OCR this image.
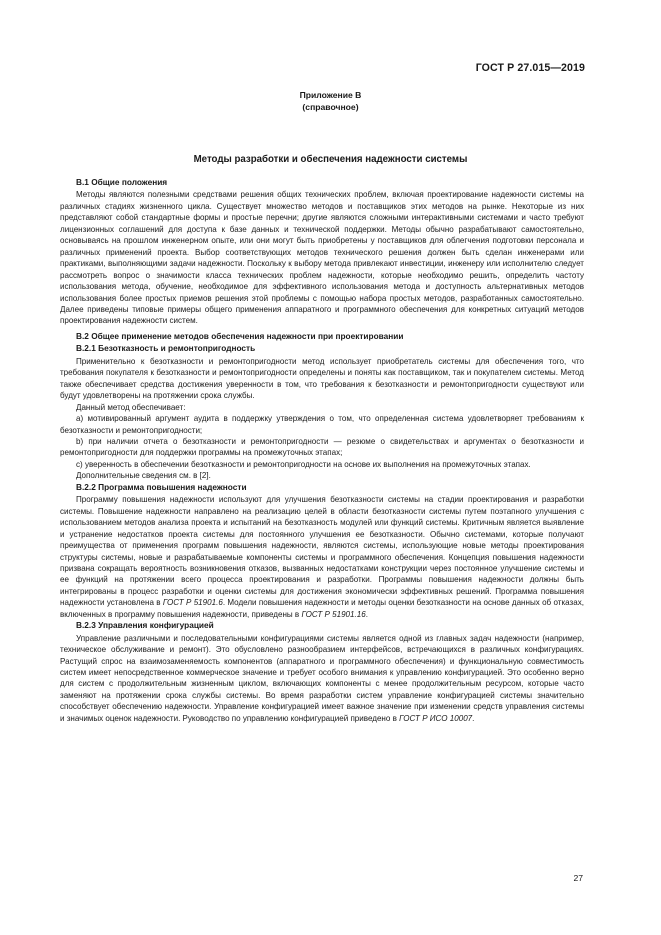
ГОСТ Р 27.015—2019
Приложение В
(справочное)
Методы разработки и обеспечения надежности системы
В.1 Общие положения

Методы являются полезными средствами решения общих технических проблем, включая проектирование надежности системы на различных стадиях жизненного цикла. Существует множество методов и поставщиков этих методов на рынке. Некоторые из них представляют собой стандартные формы и простые перечни; другие являются сложными интерактивными системами и часто требуют лицензионных соглашений для доступа к базе данных и технической поддержки. Методы обычно разрабатывают самостоятельно, основываясь на прошлом инженерном опыте, или они могут быть приобретены у поставщиков для облегчения подготовки персонала и различных применений проекта. Выбор соответствующих методов технического решения должен быть сделан инженерами или практиками, выполняющими задачи надежности. Поскольку к выбору метода привлекают инвестиции, инженеру или исполнителю следует рассмотреть вопрос о значимости класса технических проблем надежности, которые необходимо решить, определить частоту использования метода, обучение, необходимое для эффективного использования метода и доступность альтернативных методов использования более простых приемов решения этой проблемы с помощью набора простых методов, разработанных самостоятельно. Далее приведены типовые примеры общего применения аппаратного и программного обеспечения для конкретных ситуаций методов проектирования надежности систем.

В.2 Общее применение методов обеспечения надежности при проектировании
В.2.1 Безотказность и ремонтопригодность

Применительно к безотказности и ремонтопригодности метод использует приобретатель системы для обеспечения того, что требования покупателя к безотказности и ремонтопригодности определены и поняты как поставщиком, так и покупателем системы. Метод также обеспечивает средства достижения уверенности в том, что требования к безотказности и ремонтопригодности существуют или будут удовлетворены на протяжении срока службы.

Данный метод обеспечивает:

а) мотивированный аргумент аудита в поддержку утверждения о том, что определенная система удовлетворяет требованиям к безотказности и ремонтопригодности;

b) при наличии отчета о безотказности и ремонтопригодности — резюме о свидетельствах и аргументах о безотказности и ремонтопригодности для поддержки программы на промежуточных этапах;

с) уверенность в обеспечении безотказности и ремонтопригодности на основе их выполнения на промежуточных этапах.

Дополнительные сведения см. в [2].

В.2.2 Программа повышения надежности

Программу повышения надежности используют для улучшения безотказности системы на стадии проектирования и разработки системы. Повышение надежности направлено на реализацию целей в области безотказности системы путем поэтапного улучшения с использованием методов анализа проекта и испытаний на безотказность модулей или функций системы. Критичным является выявление и устранение недостатков проекта системы для постоянного улучшения ее безотказности. Обычно системами, которые получают преимущества от применения программ повышения надежности, являются системы, использующие новые методы проектирования структуры системы, новые и разрабатываемые компоненты системы и программного обеспечения. Концепция повышения надежности призвана сокращать вероятность возникновения отказов, вызванных недостатками конструкции через постоянное улучшение системы и ее функций на протяжении всего процесса проектирования и разработки. Программы повышения надежности должны быть интегрированы в процесс разработки и оценки системы для достижения экономически эффективных решений. Программа повышения надежности установлена в ГОСТ Р 51901.6. Модели повышения надежности и методы оценки безотказности на основе данных об отказах, включенных в программу повышения надежности, приведены в ГОСТ Р 51901.16.

В.2.3 Управления конфигурацией

Управление различными и последовательными конфигурациями системы является одной из главных задач надежности (например, техническое обслуживание и ремонт). Это обусловлено разнообразием интерфейсов, встречающихся в различных конфигурациях. Растущий спрос на взаимозаменяемость компонентов (аппаратного и программного обеспечения) и функциональную совместимость систем имеет непосредственное коммерческое значение и требует особого внимания к управлению конфигурацией. Это особенно верно для систем с продолжительным жизненным циклом, включающих компоненты с менее продолжительным ресурсом, которые часто заменяют на протяжении срока службы системы. Во время разработки систем управление конфигурацией системы значительно способствует обеспечению надежности. Управление конфигурацией имеет важное значение при изменении средств управления системы и значимых оценок надежности. Руководство по управлению конфигурацией приведено в ГОСТ Р ИСО 10007.

27
